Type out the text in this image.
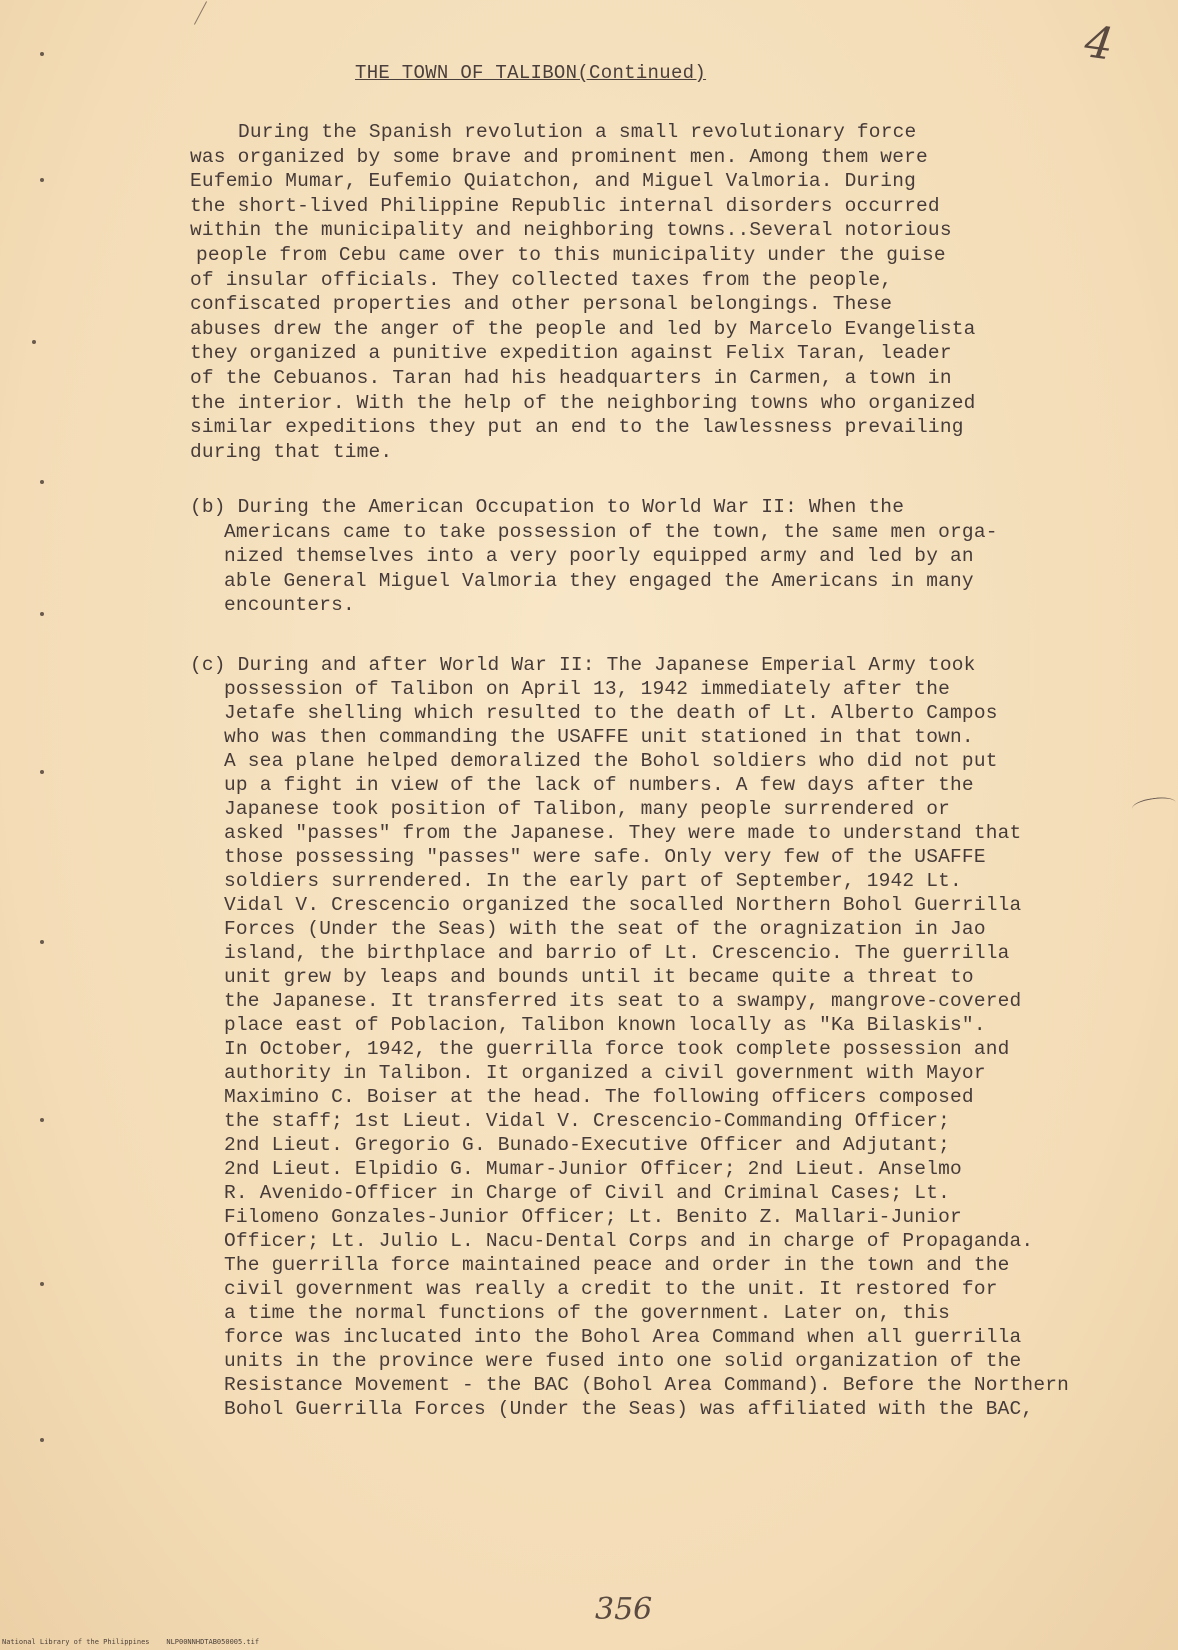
4
THE TOWN OF TALIBON(Continued)
During the Spanish revolution a small revolutionary force
was organized by some brave and prominent men. Among them were
Eufemio Mumar, Eufemio Quiatchon, and Miguel Valmoria. During
the short-lived Philippine Republic internal disorders occurred
within the municipality and neighboring towns..Several notorious
people from Cebu came over to this municipality under the guise
of insular officials. They collected taxes from the people,
confiscated properties and other personal belongings. These
abuses drew the anger of the people and led by Marcelo Evangelista
they organized a punitive expedition against Felix Taran, leader
of the Cebuanos. Taran had his headquarters in Carmen, a town in
the interior. With the help of the neighboring towns who organized
similar expeditions they put an end to the lawlessness prevailing
during that time.
(b) During the American Occupation to World War II: When the
Americans came to take possession of the town, the same men orga-
nized themselves into a very poorly equipped army and led by an
able General Miguel Valmoria they engaged the Americans in many
encounters.
(c) During and after World War II: The Japanese Emperial Army took
possession of Talibon on April 13, 1942 immediately after the
Jetafe shelling which resulted to the death of Lt. Alberto Campos
who was then commanding the USAFFE unit stationed in that town.
A sea plane helped demoralized the Bohol soldiers who did not put
up a fight in view of the lack of numbers. A few days after the
Japanese took position of Talibon, many people surrendered or
asked "passes" from the Japanese. They were made to understand that
those possessing "passes" were safe. Only very few of the USAFFE
soldiers surrendered. In the early part of September, 1942 Lt.
Vidal V. Crescencio organized the socalled Northern Bohol Guerrilla
Forces (Under the Seas) with the seat of the oragnization in Jao
island, the birthplace and barrio of Lt. Crescencio. The guerrilla
unit grew by leaps and bounds until it became quite a threat to
the Japanese. It transferred its seat to a swampy, mangrove-covered
place east of Poblacion, Talibon known locally as "Ka Bilaskis".
In October, 1942, the guerrilla force took complete possession and
authority in Talibon. It organized a civil government with Mayor
Maximino C. Boiser at the head. The following officers composed
the staff; 1st Lieut. Vidal V. Crescencio-Commanding Officer;
2nd Lieut. Gregorio G. Bunado-Executive Officer and Adjutant;
2nd Lieut. Elpidio G. Mumar-Junior Officer; 2nd Lieut. Anselmo
R. Avenido-Officer in Charge of Civil and Criminal Cases; Lt.
Filomeno Gonzales-Junior Officer; Lt. Benito Z. Mallari-Junior
Officer; Lt. Julio L. Nacu-Dental Corps and in charge of Propaganda.
The guerrilla force maintained peace and order in the town and the
civil government was really a credit to the unit. It restored for
a time the normal functions of the government. Later on, this
force was inclucated into the Bohol Area Command when all guerrilla
units in the province were fused into one solid organization of the
Resistance Movement - the BAC (Bohol Area Command). Before the Northern
Bohol Guerrilla Forces (Under the Seas) was affiliated with the BAC,
356
National Library of the Philippines    NLP00NNHDTAB050005.tif
